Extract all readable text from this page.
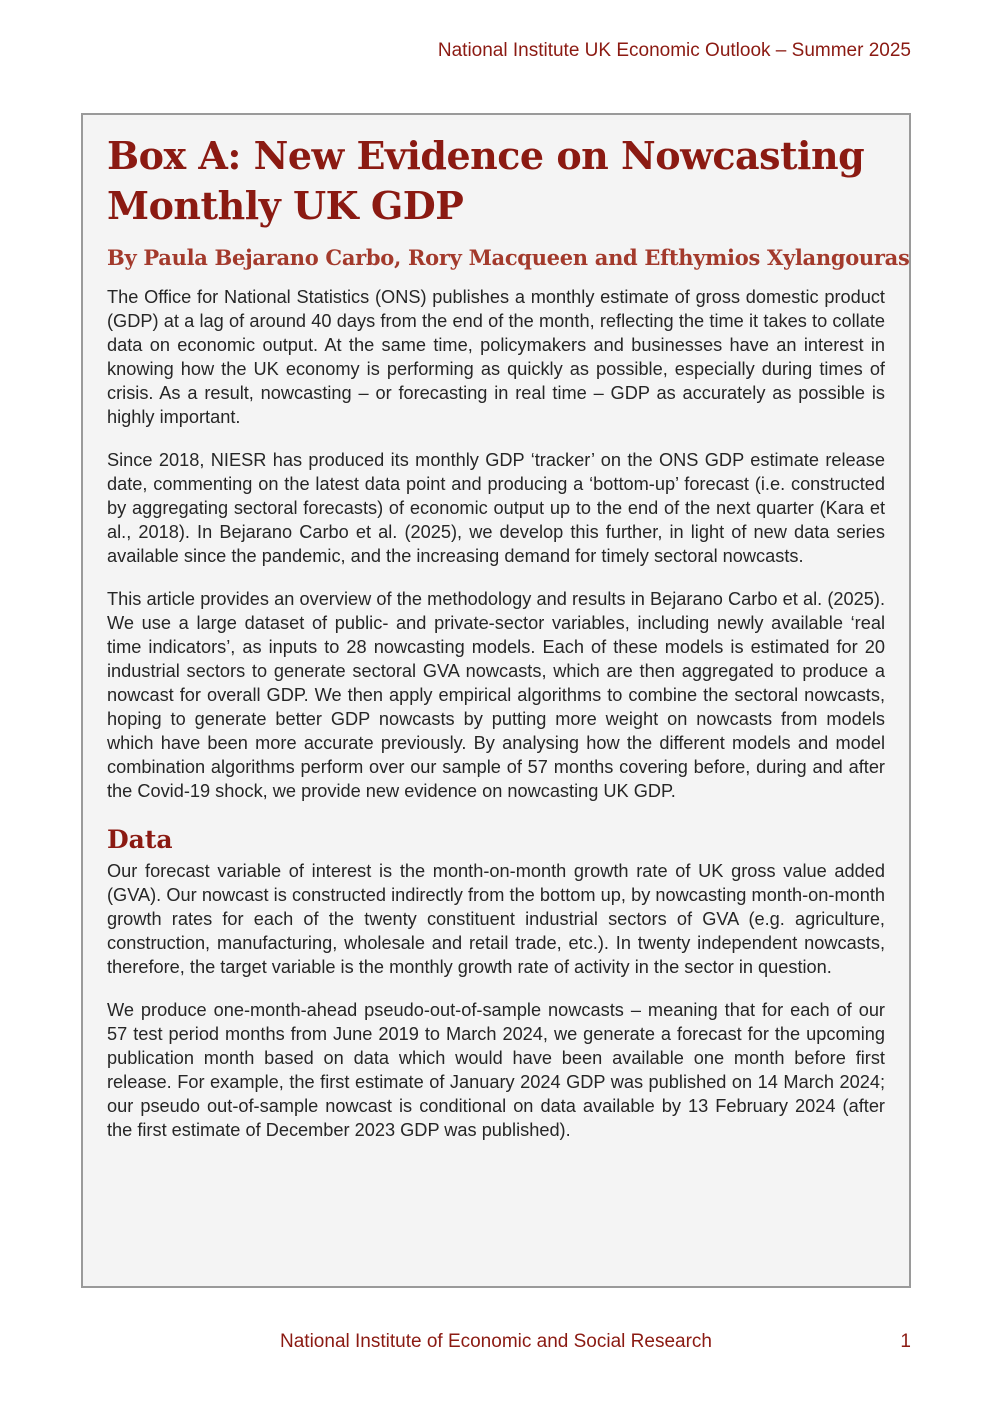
National Institute UK Economic Outlook – Summer 2025
Box A: New Evidence on Nowcasting
Monthly UK GDP
By Paula Bejarano Carbo, Rory Macqueen and Efthymios Xylangouras

The Office for National Statistics (ONS) publishes a monthly estimate of gross domestic product (GDP) at a lag of around 40 days from the end of the month, reflecting the time it takes to collate data on economic output. At the same time, policymakers and businesses have an interest in knowing how the UK economy is performing as quickly as possible, especially during times of crisis. As a result, nowcasting – or forecasting in real time – GDP as accurately as possible is highly important.

Since 2018, NIESR has produced its monthly GDP ‘tracker’ on the ONS GDP estimate release date, commenting on the latest data point and producing a ‘bottom-up’ forecast (i.e. constructed by aggregating sectoral forecasts) of economic output up to the end of the next quarter (Kara et al., 2018). In Bejarano Carbo et al. (2025), we develop this further, in light of new data series available since the pandemic, and the increasing demand for timely sectoral nowcasts.

This article provides an overview of the methodology and results in Bejarano Carbo et al. (2025). We use a large dataset of public- and private-sector variables, including newly available ‘real time indicators’, as inputs to 28 nowcasting models. Each of these models is estimated for 20 industrial sectors to generate sectoral GVA nowcasts, which are then aggregated to produce a nowcast for overall GDP. We then apply empirical algorithms to combine the sectoral nowcasts, hoping to generate better GDP nowcasts by putting more weight on nowcasts from models which have been more accurate previously. By analysing how the different models and model combination algorithms perform over our sample of 57 months covering before, during and after the Covid-19 shock, we provide new evidence on nowcasting UK GDP.

Data

Our forecast variable of interest is the month-on-month growth rate of UK gross value added (GVA). Our nowcast is constructed indirectly from the bottom up, by nowcasting month-on-month growth rates for each of the twenty constituent industrial sectors of GVA (e.g. agriculture, construction, manufacturing, wholesale and retail trade, etc.). In twenty independent nowcasts, therefore, the target variable is the monthly growth rate of activity in the sector in question.

We produce one-month-ahead pseudo-out-of-sample nowcasts – meaning that for each of our 57 test period months from June 2019 to March 2024, we generate a forecast for the upcoming publication month based on data which would have been available one month before first release. For example, the first estimate of January 2024 GDP was published on 14 March 2024; our pseudo out-of-sample nowcast is conditional on data available by 13 February 2024 (after the first estimate of December 2023 GDP was published).

National Institute of Economic and Social Research	1
